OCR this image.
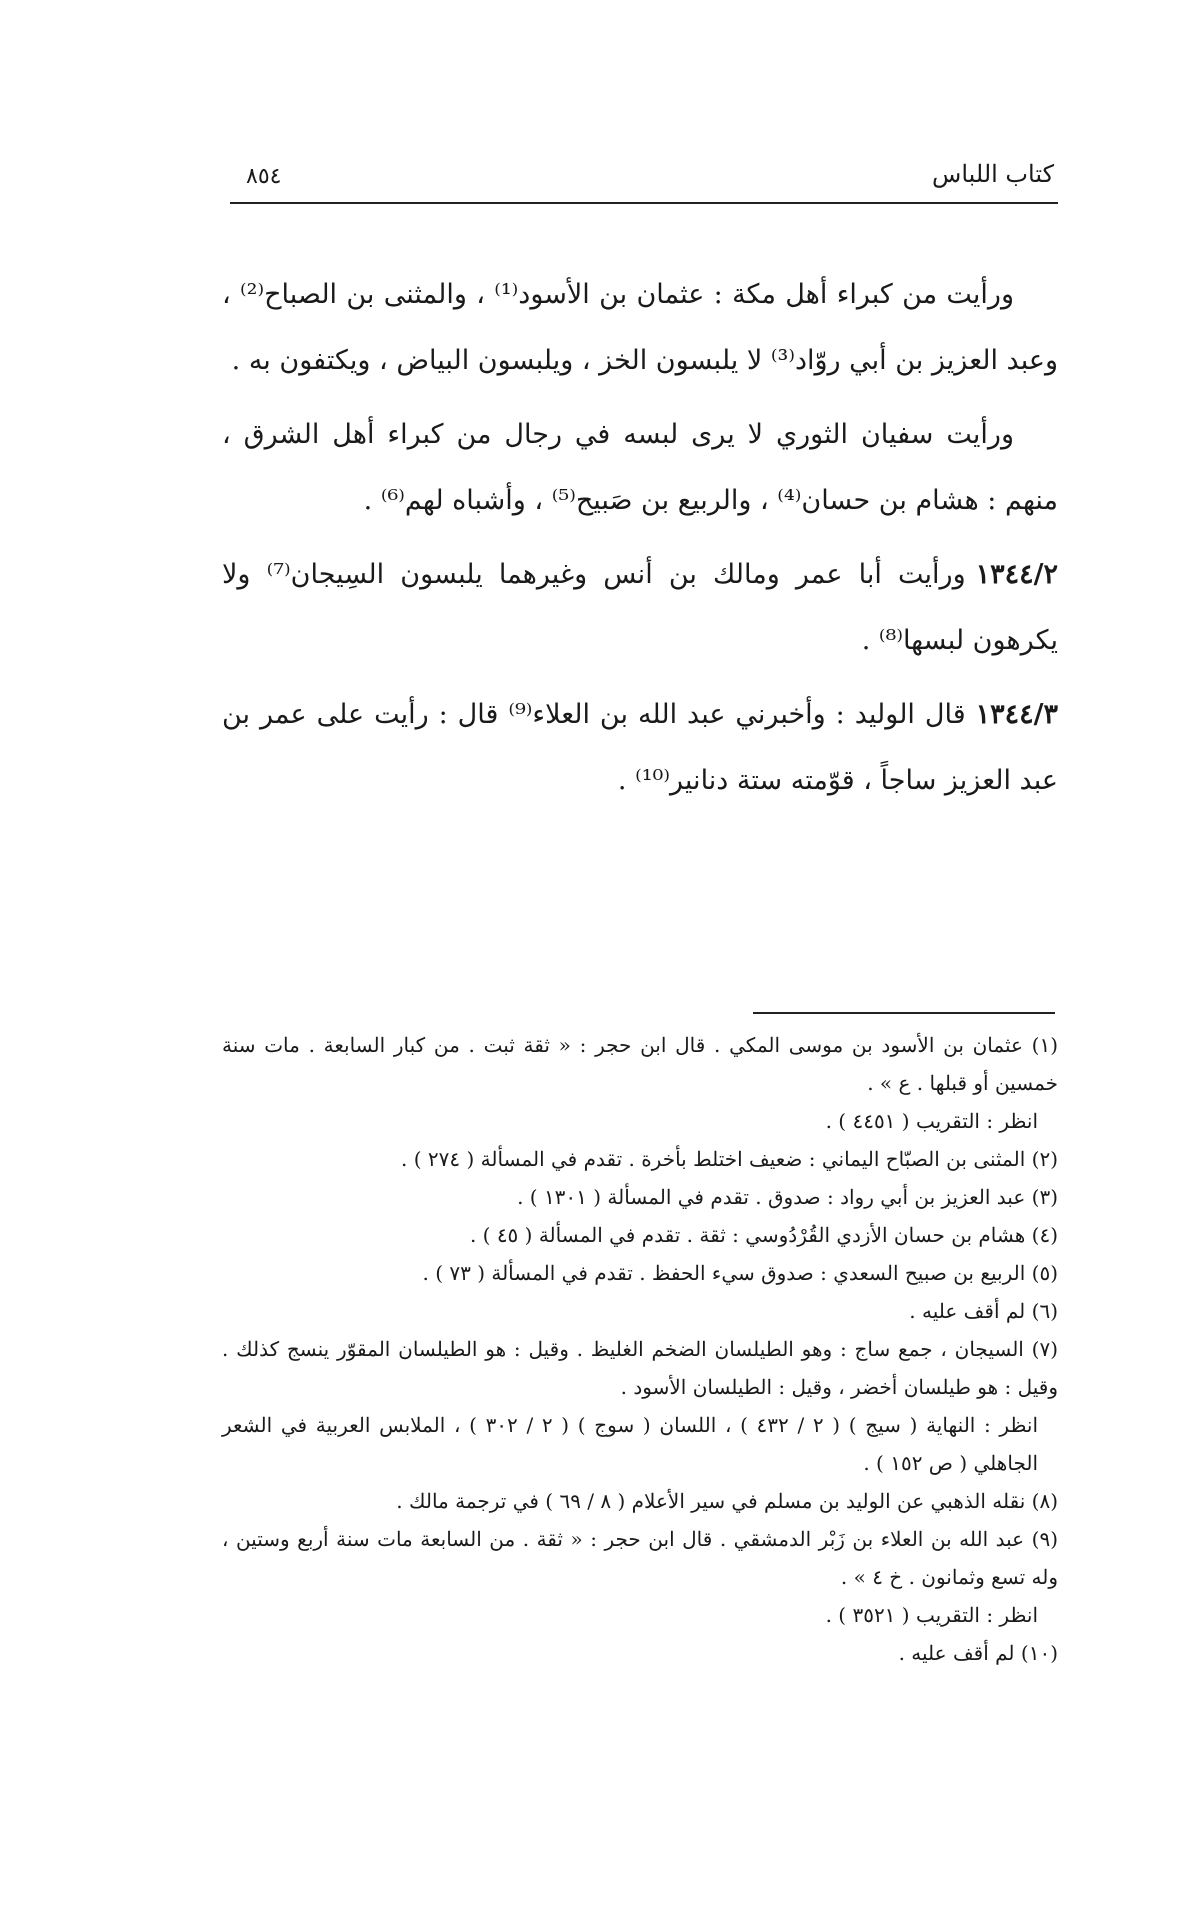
كتاب اللباس
٨٥٤

ورأيت من كبراء أهل مكة : عثمان بن الأسود⁽¹⁾ ، والمثنى بن الصباح⁽²⁾ ، وعبد العزيز بن أبي روّاد⁽³⁾ لا يلبسون الخز ، ويلبسون البياض ، ويكتفون به .

ورأيت سفيان الثوري لا يرى لبسه في رجال من كبراء أهل الشرق ، منهم : هشام بن حسان⁽⁴⁾ ، والربيع بن صَبيح⁽⁵⁾ ، وأشباه لهم⁽⁶⁾ .

١٣٤٤/٢ورأيت أبا عمر ومالك بن أنس وغيرهما يلبسون السِيجان⁽⁷⁾ ولا يكرهون لبسها⁽⁸⁾ .

١٣٤٤/٣قال الوليد : وأخبرني عبد الله بن العلاء⁽⁹⁾ قال : رأيت على عمر بن عبد العزيز ساجاً ، قوّمته ستة دنانير⁽¹⁰⁾ .

(١) عثمان بن الأسود بن موسى المكي . قال ابن حجر : « ثقة ثبت . من كبار السابعة . مات سنة خمسين أو قبلها . ع » .

انظر : التقريب ( ٤٤٥١ ) .

(٢) المثنى بن الصبّاح اليماني : ضعيف اختلط بأخرة . تقدم في المسألة ( ٢٧٤ ) .

(٣) عبد العزيز بن أبي رواد : صدوق . تقدم في المسألة ( ١٣٠١ ) .

(٤) هشام بن حسان الأزدي القُرْدُوسي : ثقة . تقدم في المسألة ( ٤٥ ) .

(٥) الربيع بن صبيح السعدي : صدوق سيء الحفظ . تقدم في المسألة ( ٧٣ ) .

(٦) لم أقف عليه .

(٧) السيجان ، جمع ساج : وهو الطيلسان الضخم الغليظ . وقيل : هو الطيلسان المقوّر ينسج كذلك . وقيل : هو طيلسان أخضر ، وقيل : الطيلسان الأسود .

انظر : النهاية ( سيج ) ( ٢ / ٤٣٢ ) ، اللسان ( سوج ) ( ٢ / ٣٠٢ ) ، الملابس العربية في الشعر الجاهلي ( ص ١٥٢ ) .

(٨) نقله الذهبي عن الوليد بن مسلم في سير الأعلام ( ٨ / ٦٩ ) في ترجمة مالك .

(٩) عبد الله بن العلاء بن زَبْر الدمشقي . قال ابن حجر : « ثقة . من السابعة مات سنة أربع وستين ، وله تسع وثمانون . خ ٤ » .

انظر : التقريب ( ٣٥٢١ ) .

(١٠) لم أقف عليه .
